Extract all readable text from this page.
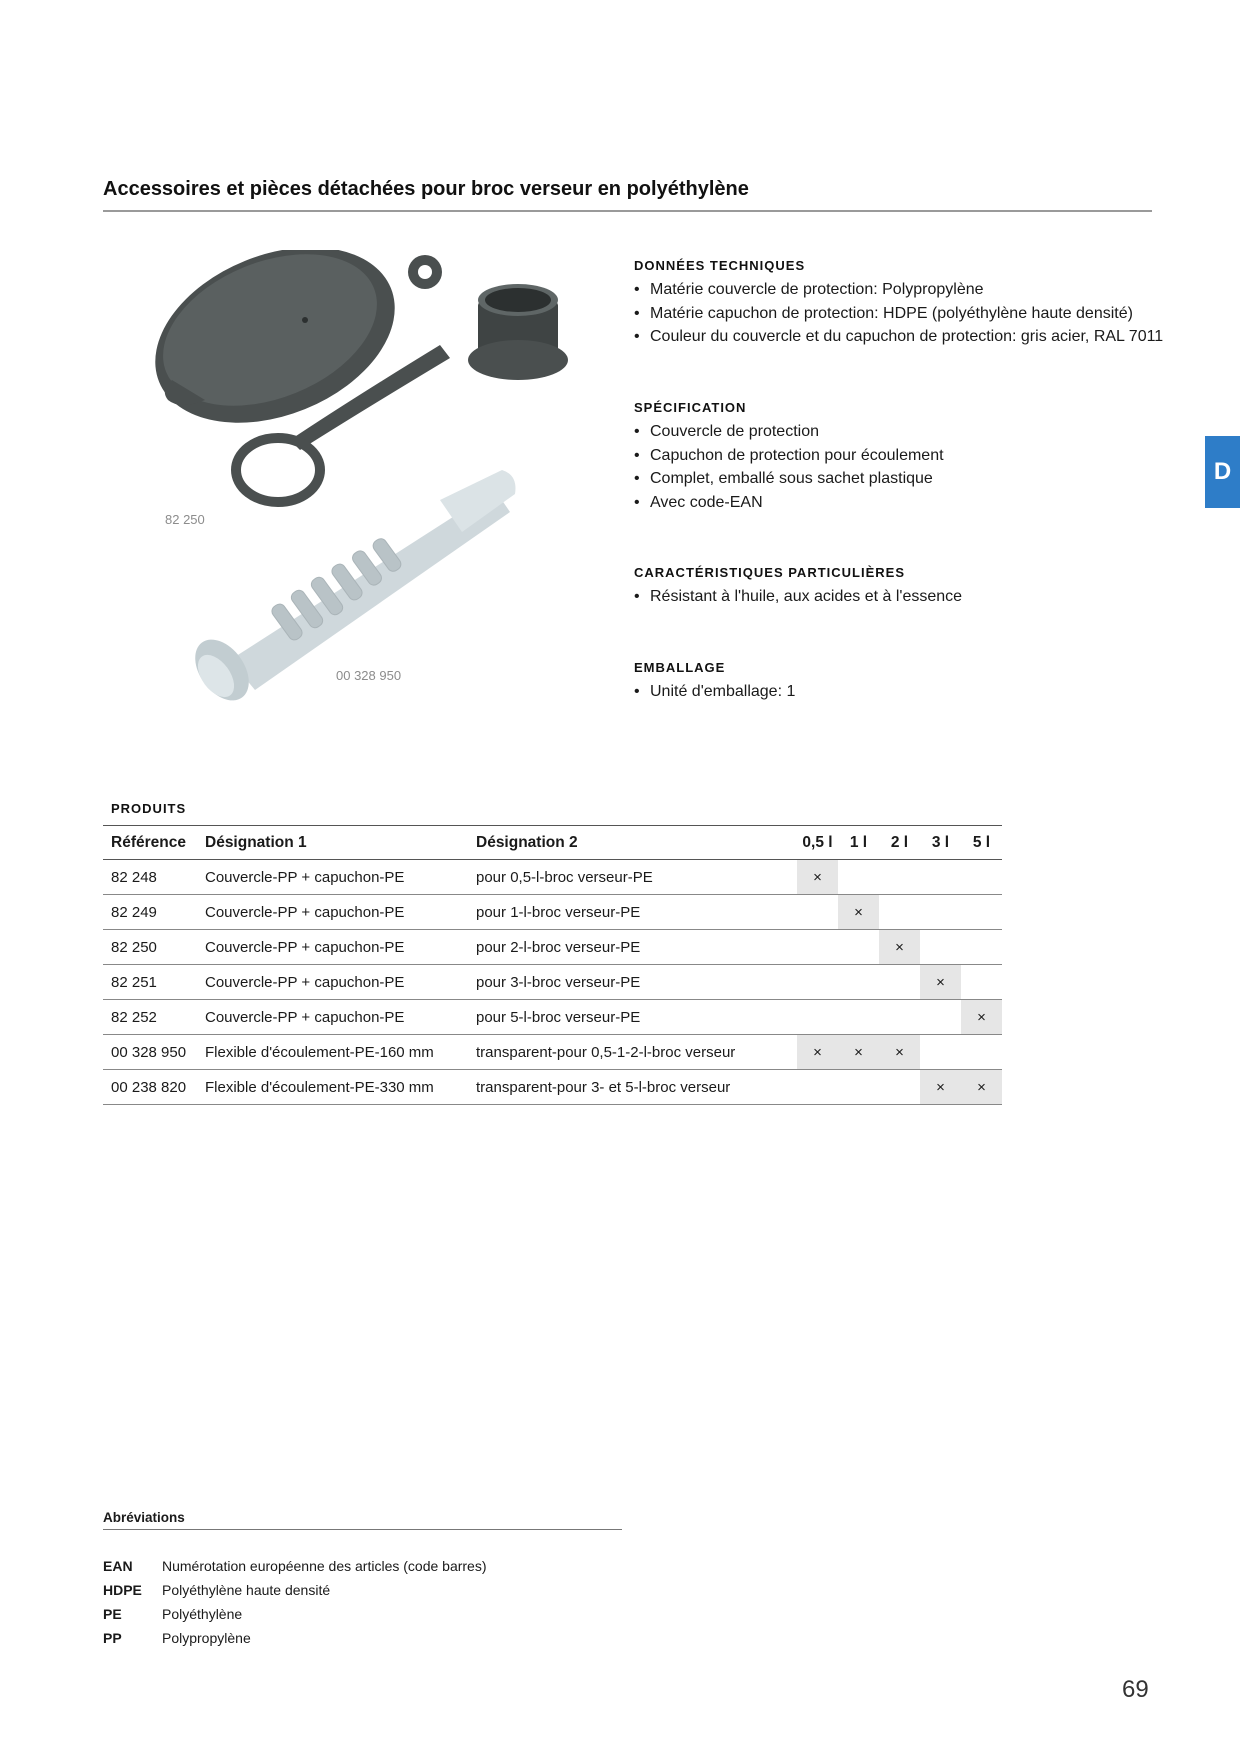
Accessoires et pièces détachées pour broc verseur en polyéthylène
D
82 250
00 328 950
DONNÉES TECHNIQUES
• Matérie couvercle de protection: Polypropylène
• Matérie capuchon de protection: HDPE (polyéthylène haute densité)
• Couleur du couvercle et du capuchon de protection: gris acier, RAL 7011
SPÉCIFICATION
• Couvercle de protection
• Capuchon de protection pour écoulement
• Complet, emballé sous sachet plastique
• Avec code-EAN
CARACTÉRISTIQUES PARTICULIÈRES
• Résistant à l'huile, aux acides et à l'essence
EMBALLAGE
• Unité d'emballage: 1
PRODUITS
Référence	Désignation 1	Désignation 2	0,5 l	1 l	2 l	3 l	5 l
82 248	Couvercle-PP + capuchon-PE	pour 0,5-l-broc verseur-PE	×				
82 249	Couvercle-PP + capuchon-PE	pour 1-l-broc verseur-PE		×			
82 250	Couvercle-PP + capuchon-PE	pour 2-l-broc verseur-PE			×		
82 251	Couvercle-PP + capuchon-PE	pour 3-l-broc verseur-PE				×	
82 252	Couvercle-PP + capuchon-PE	pour 5-l-broc verseur-PE					×
00 328 950	Flexible d'écoulement-PE-160 mm	transparent-pour 0,5-1-2-l-broc verseur	×	×	×		
00 238 820	Flexible d'écoulement-PE-330 mm	transparent-pour 3- et 5-l-broc verseur				×	×
Abréviations
EAN Numérotation européenne des articles (code barres)
HDPE Polyéthylène haute densité
PE	Polyéthylène
PP	Polypropylène
69
